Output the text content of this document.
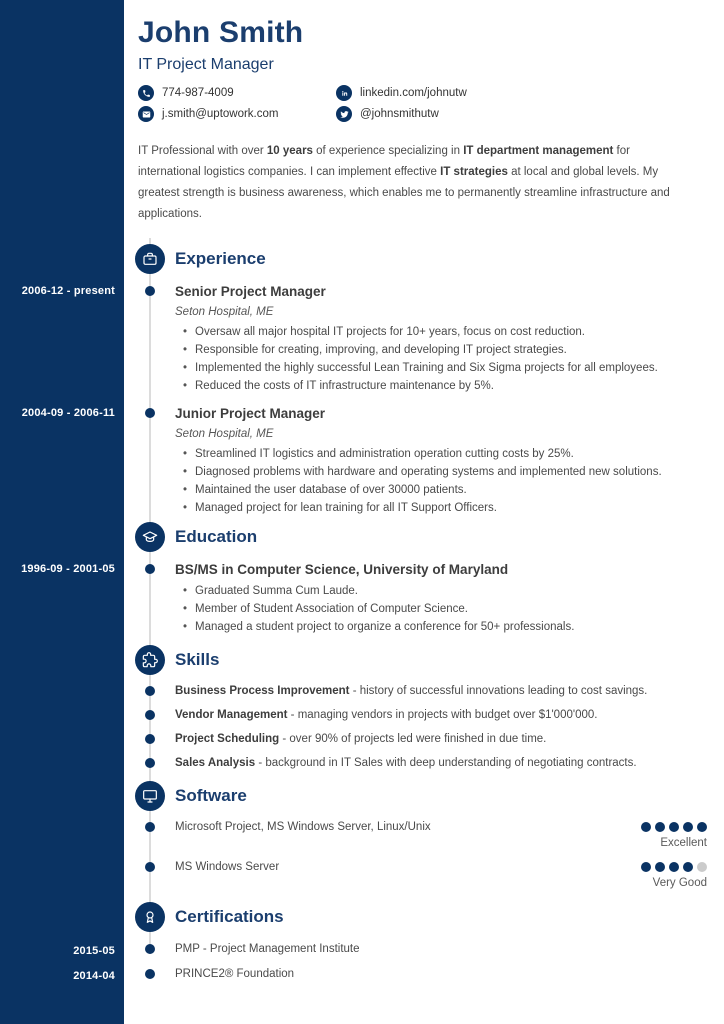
John Smith
IT Project Manager
774-987-4009
j.smith@uptowork.com
linkedin.com/johnutw
@johnsmithutw

IT Professional with over 10 years of experience specializing in IT department management for international logistics companies. I can implement effective IT strategies at local and global levels. My greatest strength is business awareness, which enables me to permanently streamline infrastructure and applications.

Experience
2006-12 - present	Senior Project Manager
Seton Hospital, ME
• Oversaw all major hospital IT projects for 10+ years, focus on cost reduction.
• Responsible for creating, improving, and developing IT project strategies.
• Implemented the highly successful Lean Training and Six Sigma projects for all employees.
• Reduced the costs of IT infrastructure maintenance by 5%.
2004-09 - 2006-11	Junior Project Manager
Seton Hospital, ME
• Streamlined IT logistics and administration operation cutting costs by 25%.
• Diagnosed problems with hardware and operating systems and implemented new solutions.
• Maintained the user database of over 30000 patients.
• Managed project for lean training for all IT Support Officers.
Education
1996-09 - 2001-05	BS/MS in Computer Science, University of Maryland
• Graduated Summa Cum Laude.
• Member of Student Association of Computer Science.
• Managed a student project to organize a conference for 50+ professionals.
Skills
Business Process Improvement - history of successful innovations leading to cost savings.
Vendor Management - managing vendors in projects with budget over $1'000'000.
Project Scheduling - over 90% of projects led were finished in due time.
Sales Analysis - background in IT Sales with deep understanding of negotiating contracts.
Software
Microsoft Project, MS Windows Server, Linux/Unix
Excellent
MS Windows Server
Very Good
Certifications
2015-05	PMP - Project Management Institute
2014-04	PRINCE2® Foundation
